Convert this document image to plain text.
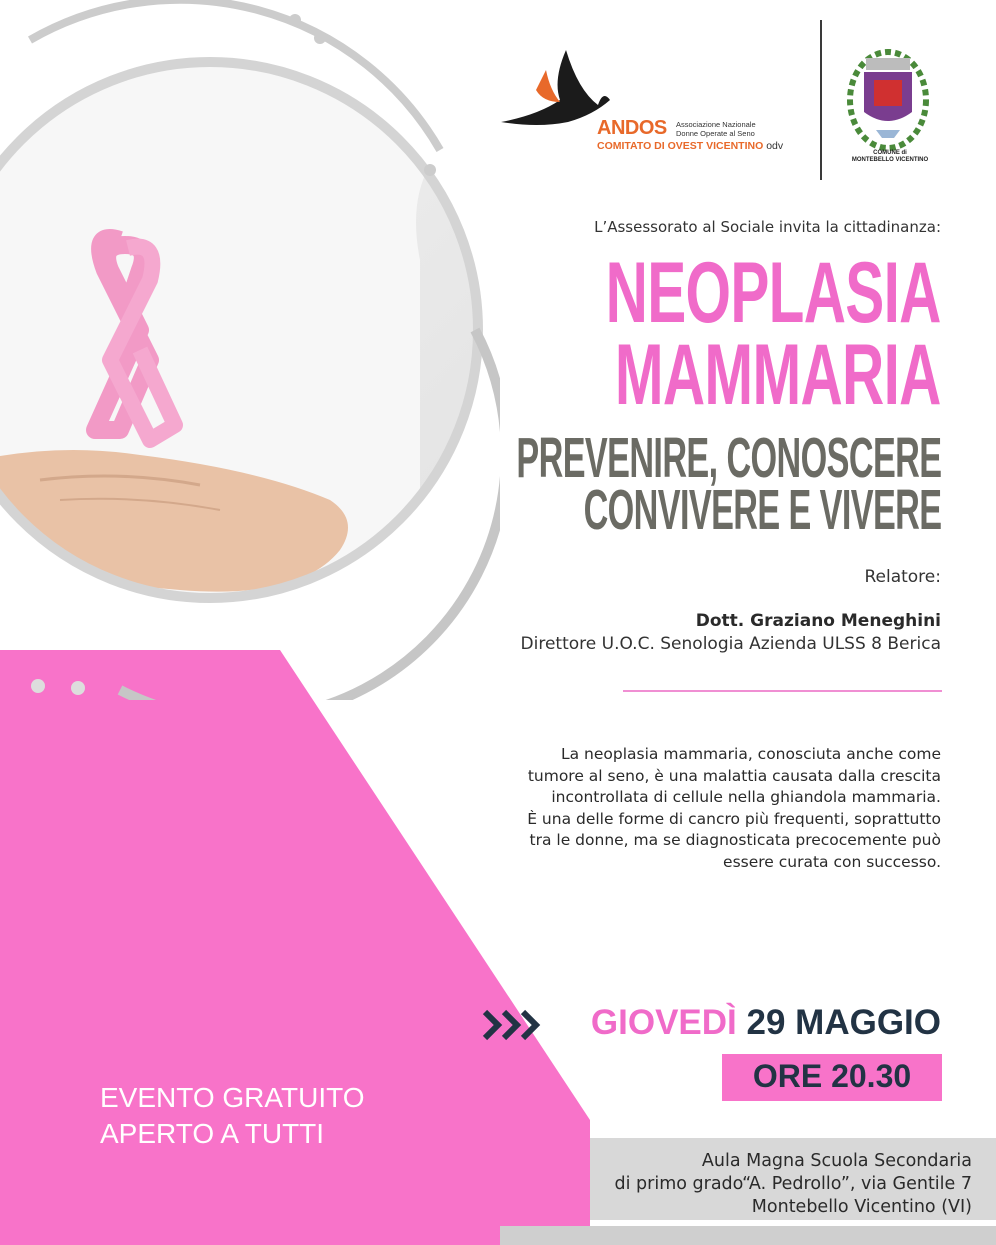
ANDOS Associazione Nazionale
Donne Operate al Seno
COMITATO DI OVEST VICENTINO odv
COMUNE di
MONTEBELLO VICENTINO
L’Assessorato al Sociale invita la cittadinanza:
NEOPLASIA
MAMMARIA
PREVENIRE, CONOSCERE
CONVIVERE E VIVERE
Relatore:
Dott. Graziano Meneghini
Direttore U.O.C. Senologia Azienda ULSS 8 Berica
La neoplasia mammaria, conosciuta anche come
tumore al seno, è una malattia causata dalla crescita
incontrollata di cellule nella ghiandola mammaria.
È una delle forme di cancro più frequenti, soprattutto
tra le donne, ma se diagnosticata precocemente può
essere curata con successo.
GIOVEDÌ 29 MAGGIO
ORE 20.30
EVENTO GRATUITO
APERTO A TUTTI
Aula Magna Scuola Secondaria
di primo grado“A. Pedrollo”, via Gentile 7
Montebello Vicentino (VI)
